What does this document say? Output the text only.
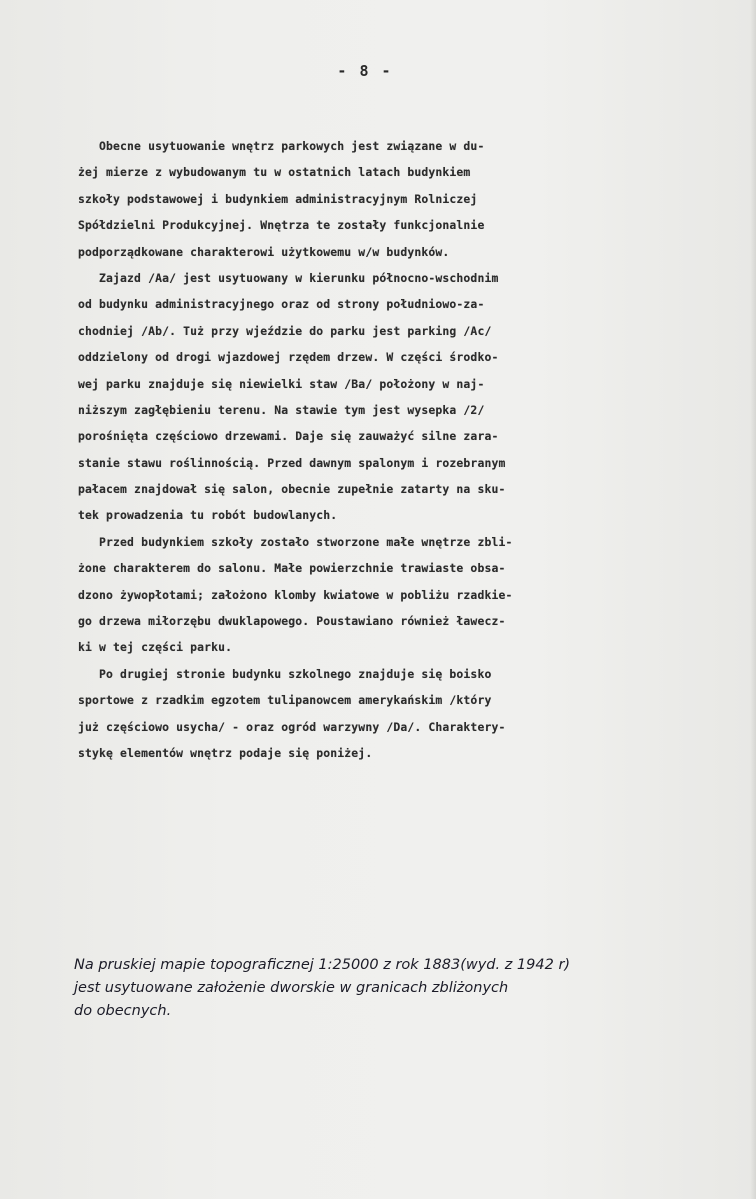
- 8 -
Obecne usytuowanie wnętrz parkowych jest związane w du-
żej mierze z wybudowanym tu w ostatnich latach budynkiem
szkoły podstawowej i budynkiem administracyjnym Rolniczej
Spółdzielni Produkcyjnej. Wnętrza te zostały funkcjonalnie
podporządkowane charakterowi użytkowemu w/w budynków.
Zajazd /Aa/ jest usytuowany w kierunku północno-wschodnim
od budynku administracyjnego oraz od strony południowo-za-
chodniej /Ab/. Tuż przy wjeździe do parku jest parking /Ac/
oddzielony od drogi wjazdowej rzędem drzew. W części środko-
wej parku znajduje się niewielki staw /Ba/ położony w naj-
niższym zagłębieniu terenu. Na stawie tym jest wysepka /2/
porośnięta częściowo drzewami. Daje się zauważyć silne zara-
stanie stawu roślinnością. Przed dawnym spalonym i rozebranym
pałacem znajdował się salon, obecnie zupełnie zatarty na sku-
tek prowadzenia tu robót budowlanych.
Przed budynkiem szkoły zostało stworzone małe wnętrze zbli-
żone charakterem do salonu. Małe powierzchnie trawiaste obsa-
dzono żywopłotami; założono klomby kwiatowe w pobliżu rzadkie-
go drzewa miłorzębu dwuklapowego. Poustawiano również ławecz-
ki w tej części parku.
Po drugiej stronie budynku szkolnego znajduje się boisko
sportowe z rzadkim egzotem tulipanowcem amerykańskim /który
już częściowo usycha/ - oraz ogród warzywny /Da/. Charaktery-
stykę elementów wnętrz podaje się poniżej.
Na pruskiej mapie topograficznej 1:25000 z rok 1883(wyd. z 1942 r)
jest usytuowane założenie dworskie w granicach zbliżonych
do obecnych.
